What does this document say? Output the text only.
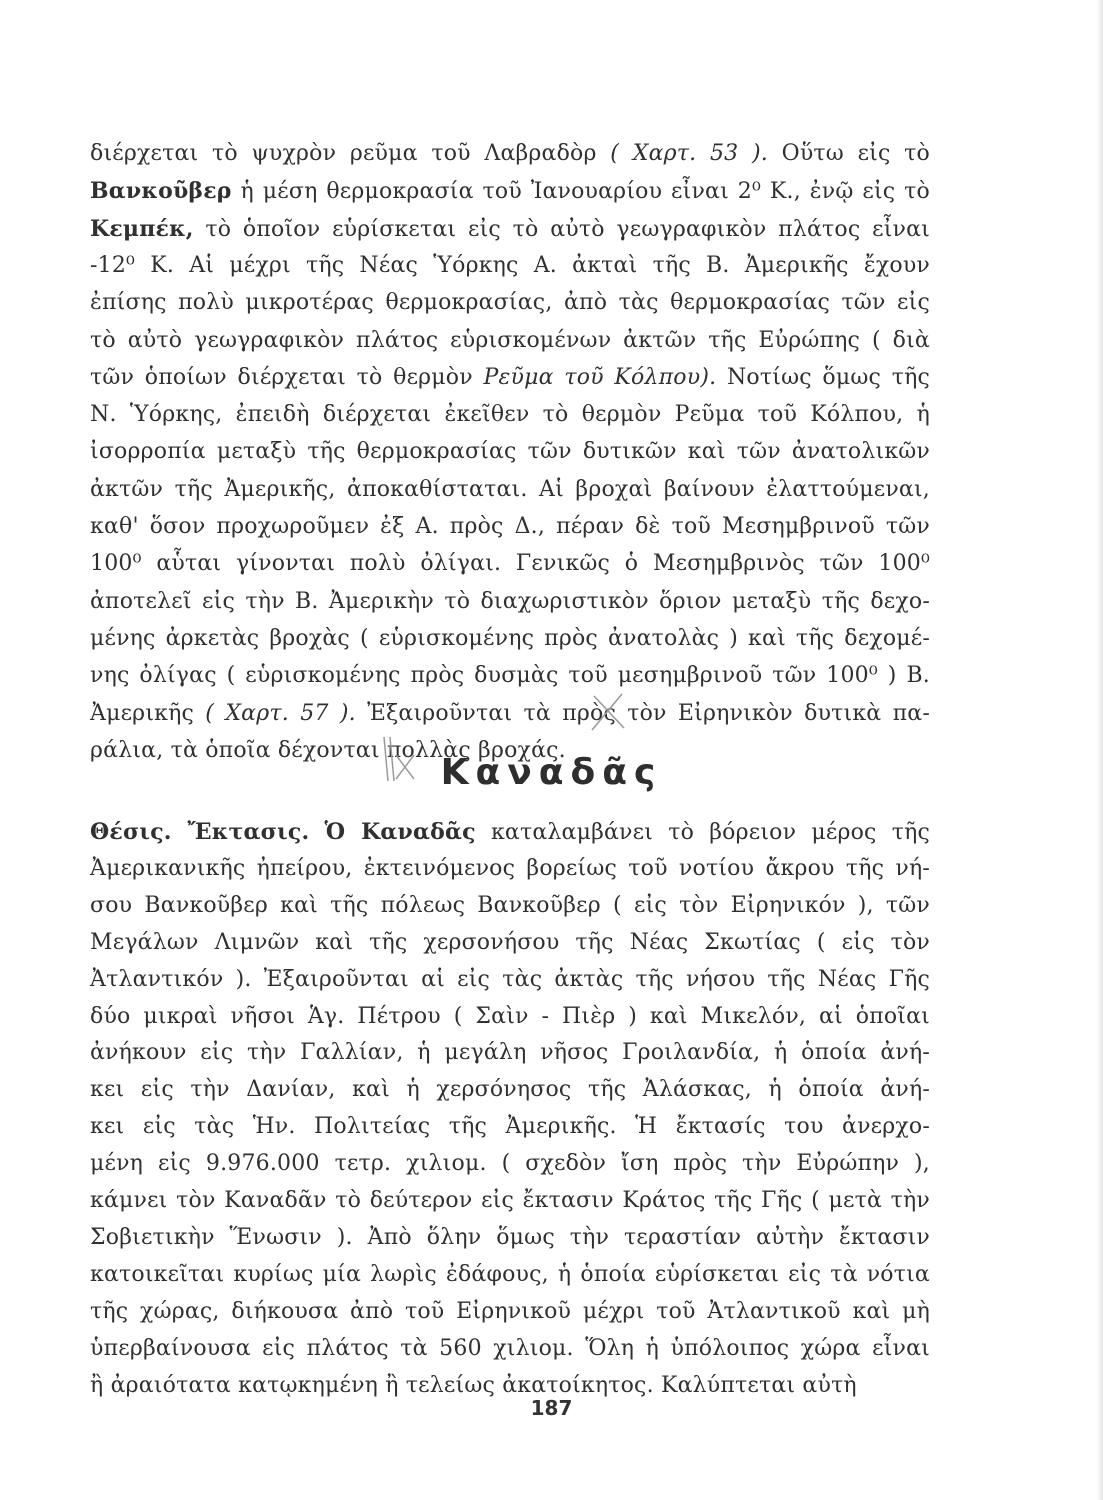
διέρχεται τὸ ψυχρὸν ρεῦμα τοῦ Λαβραδὸρ ( Χαρτ. 53 ). Οὕτω εἰς τὸ
Βανκοῦβερ ἡ μέση θερμοκρασία τοῦ Ἰανουαρίου εἶναι 2⁰ Κ., ἐνῷ εἰς τὸ
Κεμπέκ, τὸ ὁποῖον εὑρίσκεται εἰς τὸ αὐτὸ γεωγραφικὸν πλάτος εἶναι
-12⁰ Κ. Αἱ μέχρι τῆς Νέας Ὑόρκης Α. ἀκταὶ τῆς Β. Ἀμερικῆς ἔχουν
ἐπίσης πολὺ μικροτέρας θερμοκρασίας, ἀπὸ τὰς θερμοκρασίας τῶν εἰς
τὸ αὐτὸ γεωγραφικὸν πλάτος εὑρισκομένων ἀκτῶν τῆς Εὐρώπης ( διὰ
τῶν ὁποίων διέρχεται τὸ θερμὸν Ρεῦμα τοῦ Κόλπου). Νοτίως ὅμως τῆς
Ν. Ὑόρκης, ἐπειδὴ διέρχεται ἐκεῖθεν τὸ θερμὸν Ρεῦμα τοῦ Κόλπου, ἡ
ἰσορροπία μεταξὺ τῆς θερμοκρασίας τῶν δυτικῶν καὶ τῶν ἀνατολικῶν
ἀκτῶν τῆς Ἀμερικῆς, ἀποκαθίσταται. Αἱ βροχαὶ βαίνουν ἐλαττούμεναι,
καθ' ὅσον προχωροῦμεν ἐξ Α. πρὸς Δ., πέραν δὲ τοῦ Μεσημβρινοῦ τῶν
100⁰ αὗται γίνονται πολὺ ὀλίγαι. Γενικῶς ὁ Μεσημβρινὸς τῶν 100⁰
ἀποτελεῖ εἰς τὴν Β. Ἀμερικὴν τὸ διαχωριστικὸν ὅριον μεταξὺ τῆς δεχο-
μένης ἀρκετὰς βροχὰς ( εὑρισκομένης πρὸς ἀνατολὰς ) καὶ τῆς δεχομέ-
νης ὀλίγας ( εὑρισκομένης πρὸς δυσμὰς τοῦ μεσημβρινοῦ τῶν 100⁰ ) Β.
Ἀμερικῆς ( Χαρτ. 57 ). Ἐξαιροῦνται τὰ πρὸς τὸν Εἰρηνικὸν δυτικὰ πα-
ράλια, τὰ ὁποῖα δέχονται πολλὰς βροχάς.
Καναδᾶς
Θέσις. Ἔκτασις. Ὁ Καναδᾶς καταλαμβάνει τὸ βόρειον μέρος τῆς
Ἀμερικανικῆς ἠπείρου, ἐκτεινόμενος βορείως τοῦ νοτίου ἄκρου τῆς νή-
σου Βανκοῦβερ καὶ τῆς πόλεως Βανκοῦβερ ( εἰς τὸν Εἰρηνικόν ), τῶν
Μεγάλων Λιμνῶν καὶ τῆς χερσονήσου τῆς Νέας Σκωτίας ( εἰς τὸν
Ἀτλαντικόν ). Ἐξαιροῦνται αἱ εἰς τὰς ἀκτὰς τῆς νήσου τῆς Νέας Γῆς
δύο μικραὶ νῆσοι Ἁγ. Πέτρου ( Σαὶν - Πιὲρ ) καὶ Μικελόν, αἱ ὁποῖαι
ἀνήκουν εἰς τὴν Γαλλίαν, ἡ μεγάλη νῆσος Γροιλανδία, ἡ ὁποία ἀνή-
κει εἰς τὴν Δανίαν, καὶ ἡ χερσόνησος τῆς Ἀλάσκας, ἡ ὁποία ἀνή-
κει εἰς τὰς Ἡν. Πολιτείας τῆς Ἀμερικῆς. Ἡ ἔκτασίς του ἀνερχο-
μένη εἰς 9.976.000 τετρ. χιλιομ. ( σχεδὸν ἴση πρὸς τὴν Εὐρώπην ),
κάμνει τὸν Καναδᾶν τὸ δεύτερον εἰς ἔκτασιν Κράτος τῆς Γῆς ( μετὰ τὴν
Σοβιετικὴν Ἕνωσιν ). Ἀπὸ ὅλην ὅμως τὴν τεραστίαν αὐτὴν ἔκτασιν
κατοικεῖται κυρίως μία λωρὶς ἐδάφους, ἡ ὁποία εὑρίσκεται εἰς τὰ νότια
τῆς χώρας, διήκουσα ἀπὸ τοῦ Εἰρηνικοῦ μέχρι τοῦ Ἀτλαντικοῦ καὶ μὴ
ὑπερβαίνουσα εἰς πλάτος τὰ 560 χιλιομ. Ὅλη ἡ ὑπόλοιπος χώρα εἶναι
ἢ ἀραιότατα κατῳκημένη ἢ τελείως ἀκατοίκητος. Καλύπτεται αὐτὴ
187
